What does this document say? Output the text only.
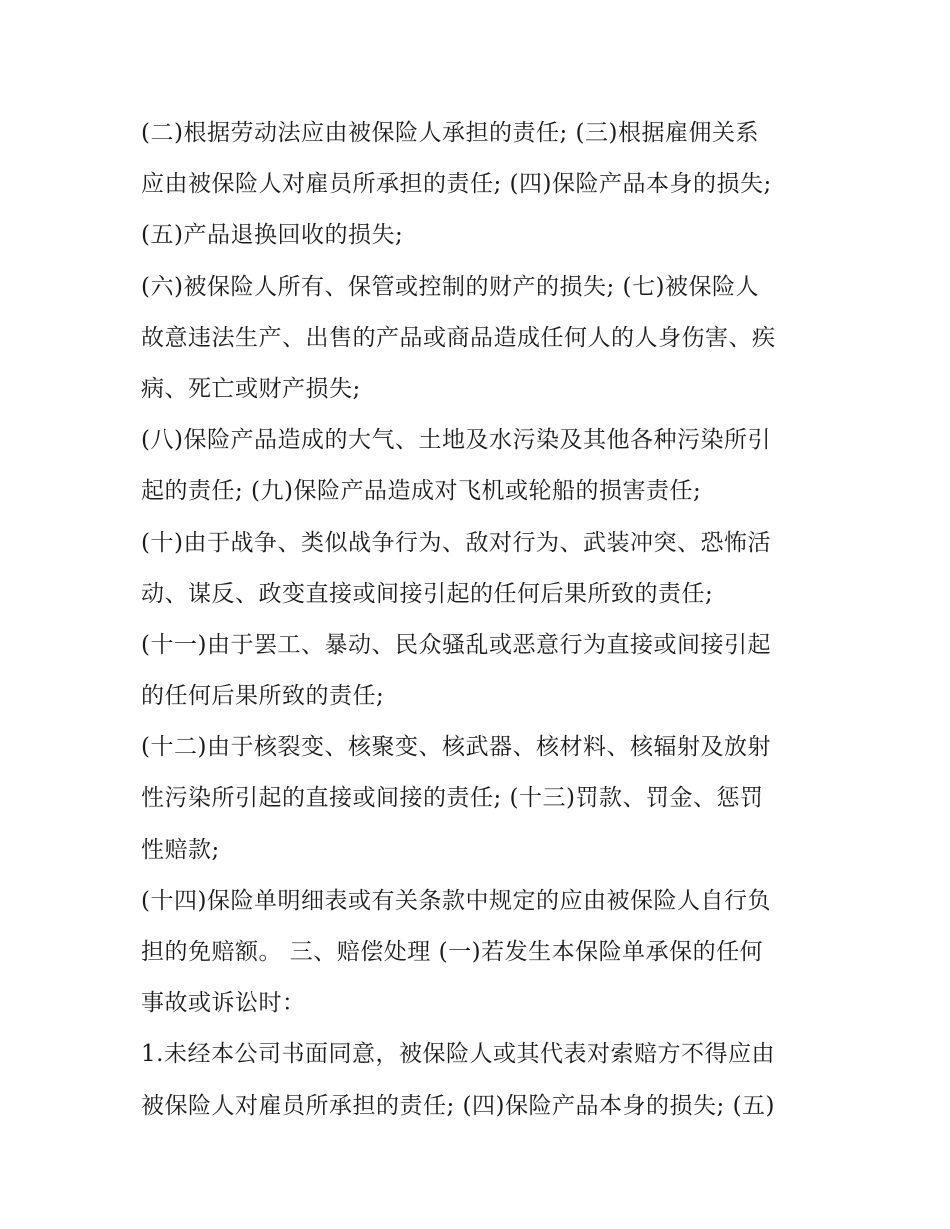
(二)根据劳动法应由被保险人承担的责任; (三)根据雇佣关系
应由被保险人对雇员所承担的责任; (四)保险产品本身的损失;
(五)产品退换回收的损失;
(六)被保险人所有、保管或控制的财产的损失; (七)被保险人
故意违法生产、出售的产品或商品造成任何人的人身伤害、疾
病、死亡或财产损失;
(八)保险产品造成的大气、土地及水污染及其他各种污染所引
起的责任; (九)保险产品造成对飞机或轮船的损害责任;
(十)由于战争、类似战争行为、敌对行为、武装冲突、恐怖活
动、谋反、政变直接或间接引起的任何后果所致的责任;
(十一)由于罢工、暴动、民众骚乱或恶意行为直接或间接引起
的任何后果所致的责任;
(十二)由于核裂变、核聚变、核武器、核材料、核辐射及放射
性污染所引起的直接或间接的责任; (十三)罚款、罚金、惩罚
性赔款;
(十四)保险单明细表或有关条款中规定的应由被保险人自行负
担的免赔额。 三、赔偿处理 (一)若发生本保险单承保的任何
事故或诉讼时：
1.未经本公司书面同意，被保险人或其代表对索赔方不得应由
被保险人对雇员所承担的责任; (四)保险产品本身的损失; (五)
